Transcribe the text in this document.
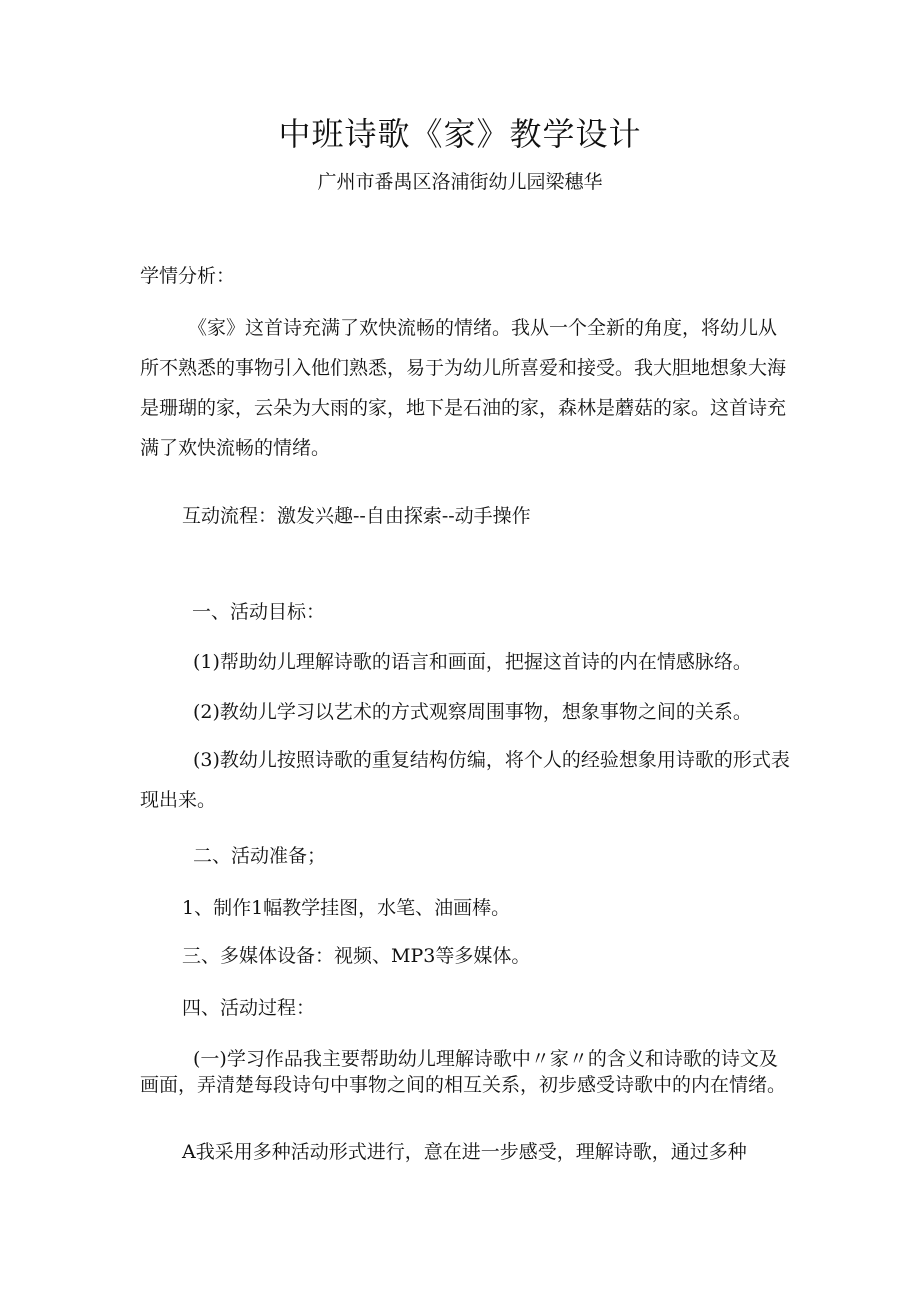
中班诗歌《家》教学设计
广州市番禺区洛浦街幼儿园梁穗华
学情分析：
《家》这首诗充满了欢快流畅的情绪。我从一个全新的角度，将幼儿从所不熟悉的事物引入他们熟悉，易于为幼儿所喜爱和接受。我大胆地想象大海是珊瑚的家，云朵为大雨的家，地下是石油的家，森林是蘑菇的家。这首诗充满了欢快流畅的情绪。
互动流程：激发兴趣--自由探索--动手操作
一、活动目标：
(1)帮助幼儿理解诗歌的语言和画面，把握这首诗的内在情感脉络。
(2)教幼儿学习以艺术的方式观察周围事物，想象事物之间的关系。
(3)教幼儿按照诗歌的重复结构仿编，将个人的经验想象用诗歌的形式表现出来。
二、活动准备；
1、制作1幅教学挂图，水笔、油画棒。
三、多媒体设备：视频、MP3等多媒体。
四、活动过程：
(一)学习作品我主要帮助幼儿理解诗歌中〃家〃的含义和诗歌的诗文及画面，弄清楚每段诗句中事物之间的相互关系，初步感受诗歌中的内在情绪。
A我采用多种活动形式进行，意在进一步感受，理解诗歌，通过多种
